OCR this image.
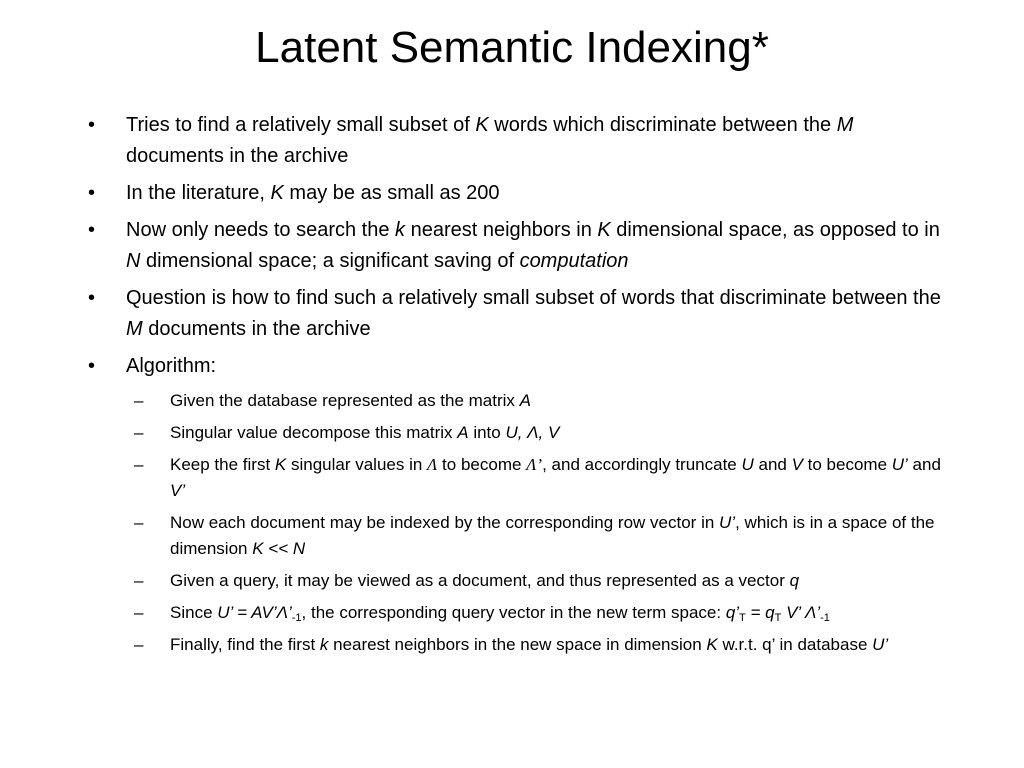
Latent Semantic Indexing*
• Tries to find a relatively small subset of K words which discriminate between the M documents in the archive
• In the literature, K may be as small as 200
• Now only needs to search the k nearest neighbors in K dimensional space, as opposed to in N dimensional space; a significant saving of computation
• Question is how to find such a relatively small subset of words that discriminate between the M documents in the archive
• Algorithm:
– Given the database represented as the matrix A
– Singular value decompose this matrix A into U, Λ, V
– Keep the first K singular values in Λ to become Λ’, and accordingly truncate U and V to become U’ and V’
– Now each document may be indexed by the corresponding row vector in U’, which is in a space of the dimension K << N
– Given a query, it may be viewed as a document, and thus represented as a vector q
– Since U’ = $AV’\Lambda’_{-1}$, the corresponding query vector in the new term space: $q’_T = q_T$ V’ $\Lambda’_{-1}$
– Finally, find the first k nearest neighbors in the new space in dimension K w.r.t. q’ in database U’
